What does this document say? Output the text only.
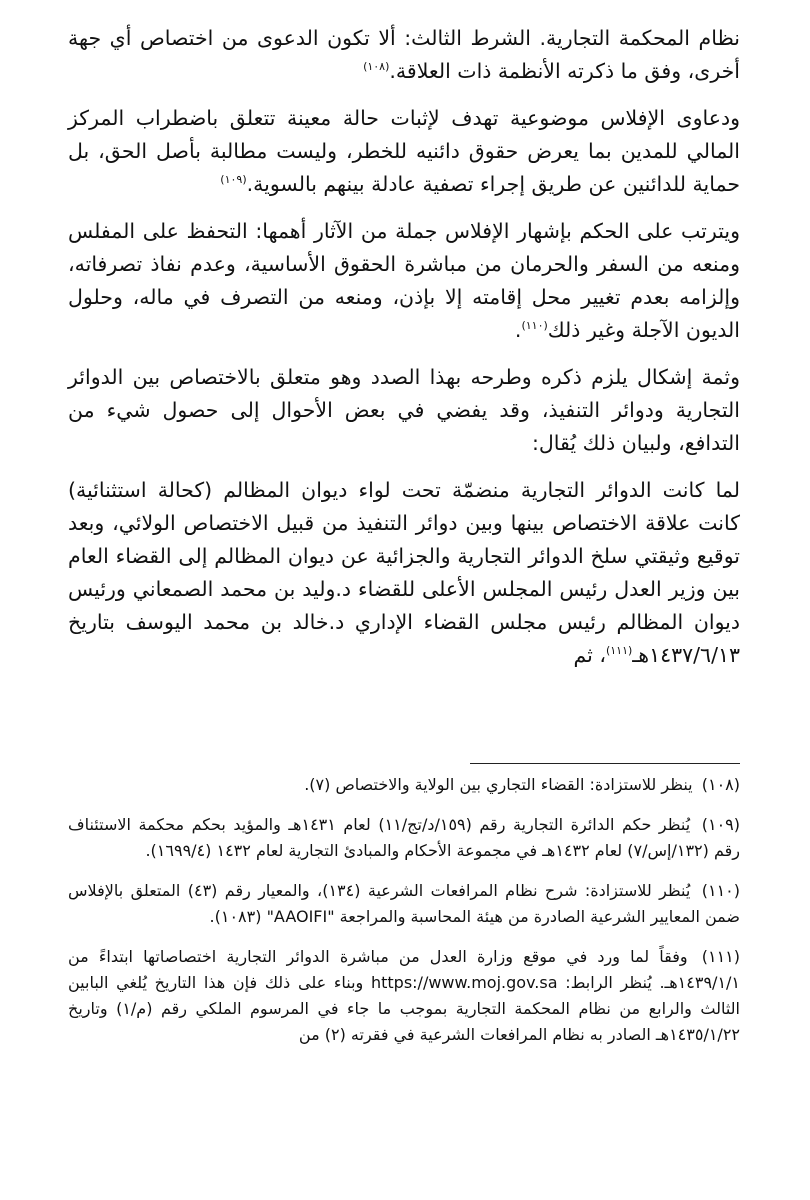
نظام المحكمة التجارية. الشرط الثالث: ألا تكون الدعوى من اختصاص أي جهة أخرى، وفق ما ذكرته الأنظمة ذات العلاقة.$^{(١٠٨)}$

ودعاوى الإفلاس موضوعية تهدف لإثبات حالة معينة تتعلق باضطراب المركز المالي للمدين بما يعرض حقوق دائنيه للخطر، وليست مطالبة بأصل الحق، بل حماية للدائنين عن طريق إجراء تصفية عادلة بينهم بالسوية.$^{(١٠٩)}$

ويترتب على الحكم بإشهار الإفلاس جملة من الآثار أهمها: التحفظ على المفلس ومنعه من السفر والحرمان من مباشرة الحقوق الأساسية، وعدم نفاذ تصرفاته، وإلزامه بعدم تغيير محل إقامته إلا بإذن، ومنعه من التصرف في ماله، وحلول الديون الآجلة وغير ذلك$^{(١١٠)}$.

وثمة إشكال يلزم ذكره وطرحه بهذا الصدد وهو متعلق بالاختصاص بين الدوائر التجارية ودوائر التنفيذ، وقد يفضي في بعض الأحوال إلى حصول شيء من التدافع، ولبيان ذلك يُقال:

لما كانت الدوائر التجارية منضمّة تحت لواء ديوان المظالم (كحالة استثنائية) كانت علاقة الاختصاص بينها وبين دوائر التنفيذ من قبيل الاختصاص الولائي، وبعد توقيع وثيقتي سلخ الدوائر التجارية والجزائية عن ديوان المظالم إلى القضاء العام بين وزير العدل رئيس المجلس الأعلى للقضاء د.وليد بن محمد الصمعاني ورئيس ديوان المظالم رئيس مجلس القضاء الإداري د.خالد بن محمد اليوسف بتاريخ ١٤٣٧/٦/١٣هـ$^{(١١١)}$، ثم

(١٠٨) ينظر للاستزادة: القضاء التجاري بين الولاية والاختصاص (٧).

(١٠٩) يُنظر حكم الدائرة التجارية رقم (١٥٩/د/تج/١١) لعام ١٤٣١هـ والمؤيد بحكم محكمة الاستئناف رقم (١٣٢/إس/٧) لعام ١٤٣٢هـ في مجموعة الأحكام والمبادئ التجارية لعام ١٤٣٢ (١٦٩٩/٤).

(١١٠) يُنظر للاستزادة: شرح نظام المرافعات الشرعية (١٣٤)، والمعيار رقم (٤٣) المتعلق بالإفلاس ضمن المعايير الشرعية الصادرة من هيئة المحاسبة والمراجعة "AAOIFI" (١٠٨٣).

(١١١) وفقاً لما ورد في موقع وزارة العدل من مباشرة الدوائر التجارية اختصاصاتها ابتداءً من ١٤٣٩/١/١هـ. يُنظر الرابط: https://www.moj.gov.sa وبناء على ذلك فإن هذا التاريخ يُلغي البابين الثالث والرابع من نظام المحكمة التجارية بموجب ما جاء في المرسوم الملكي رقم (م/١) وتاريخ ١٤٣٥/١/٢٢هـ الصادر به نظام المرافعات الشرعية في فقرته (٢) من
